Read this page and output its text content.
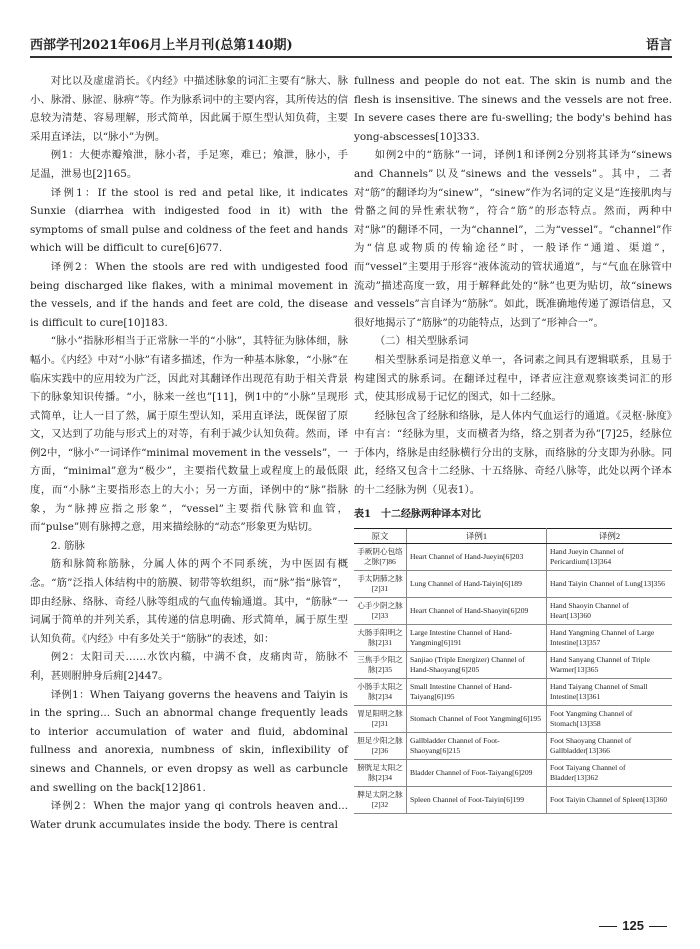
西部学刊2021年06月上半月刊(总第140期)	语言

对比以及虚虚消长。《内经》中描述脉象的词汇主要有“脉大、脉小、脉滑、脉涩、脉痹”等。作为脉系词中的主要内容，其所传达的信息较为清楚、容易理解，形式简单，因此属于原生型认知负荷，主要采用直译法，以“脉小”为例。

例1：大便赤瓣飧泄，脉小者，手足寒，难已；飧泄，脉小，手足温，泄易也[2]165。

译例1：If the stool is red and petal like, it indicates Sunxie (diarrhea with indigested food in it) with the symptoms of small pulse and coldness of the feet and hands which will be difficult to cure[6]677.

译例2：When the stools are red with undigested food being discharged like flakes, with a minimal movement in the vessels, and if the hands and feet are cold, the disease is difficult to cure[10]183.

“脉小”指脉形相当于正常脉一半的“小脉”，其特征为脉体细，脉幅小。《内经》中对“小脉”有诸多描述，作为一种基本脉象，“小脉”在临床实践中的应用较为广泛，因此对其翻译作出现范有助于相关背景下的脉象知识传播。“小，脉来一丝也”[11]，例1中的“小脉”呈现形式简单，让人一目了然，属于原生型认知，采用直译法，既保留了原文，又达到了功能与形式上的对等，有利于减少认知负荷。然而，译例2中，“脉小”一词译作“minimal movement in the vessels”，一方面，“minimal”意为“极少”，主要指代数量上或程度上的最低限度，而“小脉”主要指形态上的大小；另一方面，译例中的“脉”指脉象，为“脉搏应指之形象”，“vessel”主要指代脉管和血管，而“pulse”则有脉搏之意，用来描绘脉的“动态”形象更为贴切。

2. 筋脉

筋和脉简称筋脉，分属人体的两个不同系统，为中医固有概念。“筋”泛指人体结构中的筋膜、韧带等软组织，而“脉”指“脉管”，即由经脉、络脉、奇经八脉等组成的气血传输通道。其中，“筋脉”一词属于简单的并列关系，其传递的信息明确、形式简单，属于原生型认知负荷。《内经》中有多处关于“筋脉”的表述，如：

例2：太阳司天……水饮内稿，中满不食，皮痛肉苛，筋脉不利，甚则胕肿身后痈[2]447。

译例1：When Taiyang governs the heavens and Taiyin is in the spring... Such an abnormal change frequently leads to interior accumulation of water and fluid, abdominal fullness and anorexia, numbness of skin, inflexibility of sinews and Channels, or even dropsy as well as carbuncle and swelling on the back[12]861.

译例2：When the major yang qi controls heaven and... Water drunk accumulates inside the body. There is central

fullness and people do not eat. The skin is numb and the flesh is insensitive. The sinews and the vessels are not free. In severe cases there are fu-swelling; the body's behind has yong-abscesses[10]333.

如例2中的“筋脉”一词，译例1和译例2分别将其译为“sinews and Channels”以及“sinews and the vessels”。其中，二者对“筋”的翻译均为“sinew”，“sinew”作为名词的定义是“连接肌肉与骨骼之间的异性索状物”，符合“筋”的形态特点。然而，两种中对“脉”的翻译不同，一为“channel”，二为“vessel”。“channel”作为“信息或物质的传输途径”时，一般译作“通道、渠道”，而“vessel”主要用于形容“液体流动的管状通道”，与“气血在脉管中流动”描述高度一致，用于解释此处的“脉”也更为贴切，故“sinews and vessels”言自译为“筋脉”。如此，既准确地传递了源语信息，又很好地揭示了“筋脉”的功能特点，达到了“形神合一”。

（二）相关型脉系词

相关型脉系词是指意义单一，各词素之间具有逻辑联系，且易于构建图式的脉系词。在翻译过程中，译者应注意观察该类词汇的形式，使其形成易于记忆的图式，如十二经脉。

经脉包含了经脉和络脉，是人体内气血运行的通道。《灵枢·脉度》中有言：“经脉为里，支而横者为络，络之别者为孙”[7]25，经脉位于体内，络脉是由经脉横行分出的支脉，而络脉的分支即为孙脉。同此，经络又包含十二经脉、十五络脉、奇经八脉等，此处以两个译本的十二经脉为例（见表1）。

表1　十二经脉两种译本对比

原文	译例1	译例2
手厥阴心包络之脉[7]86	Heart Channel of Hand-Jueyin[6]203	Hand Jueyin Channel of Pericardium[13]364
手太阴肺之脉[2]31	Lung Channel of Hand-Taiyin[6]189	Hand Taiyin Channel of Lung[13]356
心手少阴之脉[2]33	Heart Channel of Hand-Shaoyin[6]209	Hand Shaoyin Channel of Heart[13]360
大肠手阳明之脉[2]31	Large Intestine Channel of Hand-Yangming[6]191	Hand Yangming Channel of Large Intestine[13]357
三焦手少阳之脉[2]35	Sanjiao (Triple Energizer) Channel of Hand-Shaoyang[6]205	Hand Sanyang Channel of Triple Warmer[13]365
小肠手太阳之脉[2]34	Small Intestine Channel of Hand-Taiyang[6]195	Hand Taiyang Channel of Small Intestine[13]361
胃足阳明之脉[2]31	Stomach Channel of Foot Yangming[6]195	Foot Yangming Channel of Stomach[13]358
胆足少阳之脉[2]36	Gallbladder Channel of Foot-Shaoyang[6]215	Foot Shaoyang Channel of Gallbladder[13]366
膀胱足太阳之脉[2]34	Bladder Channel of Foot-Taiyang[6]209	Foot Taiyang Channel of Bladder[13]362
脾足太阴之脉[2]32	Spleen Channel of Foot-Taiyin[6]199	Foot Taiyin Channel of Spleen[13]360
125
